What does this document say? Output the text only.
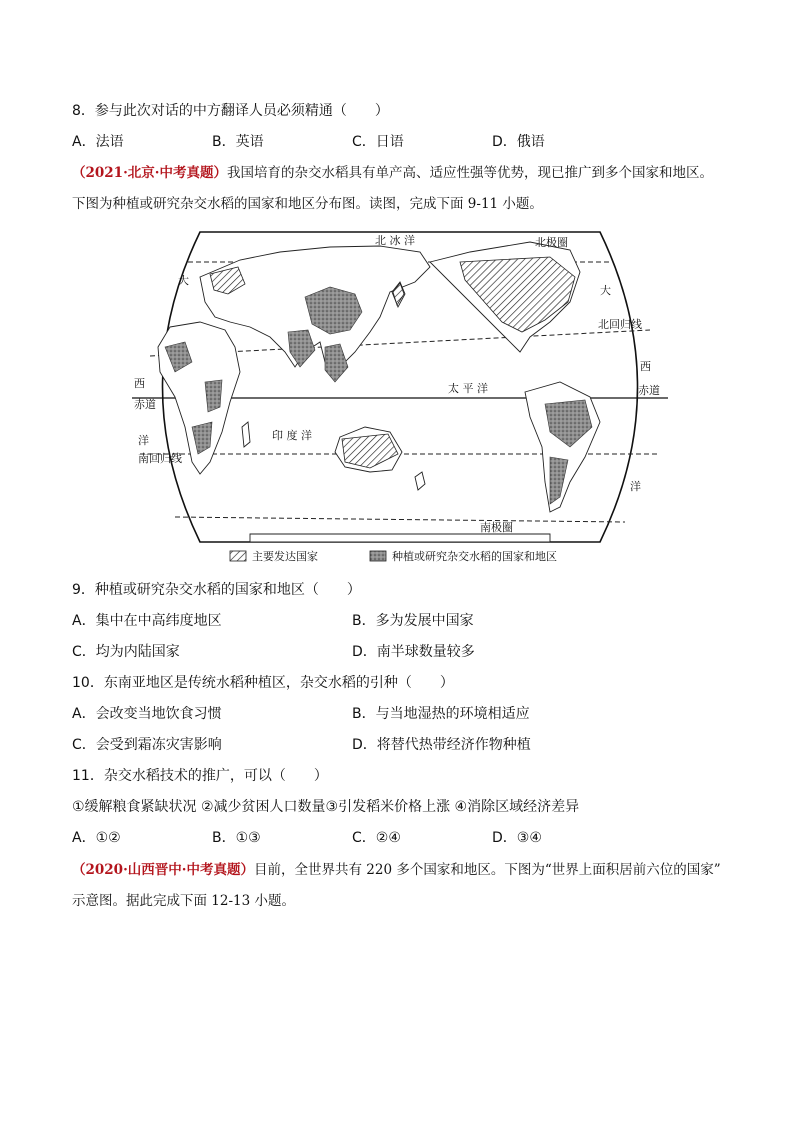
8．参与此次对话的中方翻译人员必须精通（　　）
A．法语	B．英语	C．日语	D．俄语
（2021·北京·中考真题）我国培育的杂交水稻具有单产高、适应性强等优势，现已推广到多个国家和地区。
下图为种植或研究杂交水稻的国家和地区分布图。读图，完成下面 9-11 小题。
北 冰 洋	北极圈
大
西
赤道
洋
南回归线
大
北回归线
西
赤道
洋
太 平 洋
印 度 洋
南极圈
主要发达国家	种植或研究杂交水稻的国家和地区
9．种植或研究杂交水稻的国家和地区（　　）
A．集中在中高纬度地区	B．多为发展中国家
C．均为内陆国家	D．南半球数量较多
10．东南亚地区是传统水稻种植区，杂交水稻的引种（　　）
A．会改变当地饮食习惯	B．与当地湿热的环境相适应
C．会受到霜冻灾害影响	D．将替代热带经济作物种植
11．杂交水稻技术的推广，可以（　　）
①缓解粮食紧缺状况 ②减少贫困人口数量③引发稻米价格上涨 ④消除区域经济差异
A．①②	B．①③	C．②④	D．③④
（2020·山西晋中·中考真题）目前，全世界共有 220 多个国家和地区。下图为“世界上面积居前六位的国家”
示意图。据此完成下面 12-13 小题。
